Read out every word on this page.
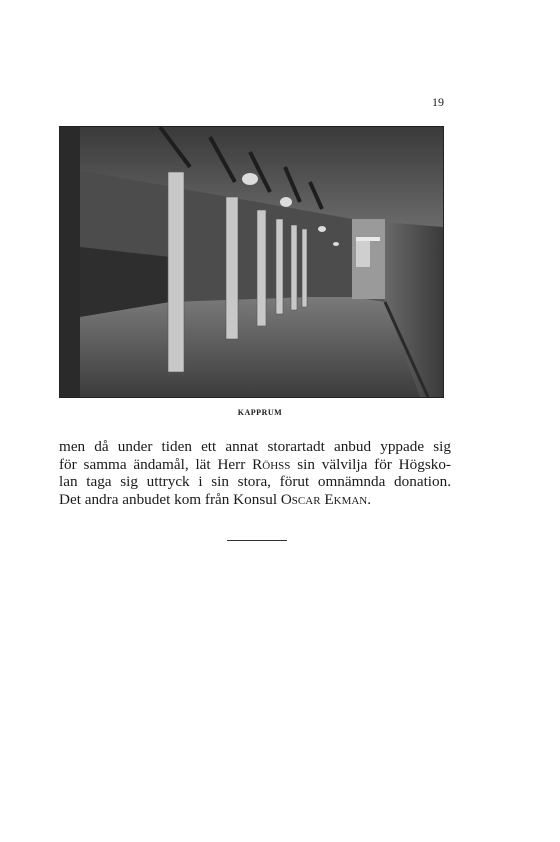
19
KAPPRUM
men då under tiden ett annat storartadt anbud yppade sig
för samma ändamål, lät Herr Röhss sin välvilja för Högsko-
lan taga sig uttryck i sin stora, förut omnämnda donation.
Det andra anbudet kom från Konsul Oscar Ekman.
